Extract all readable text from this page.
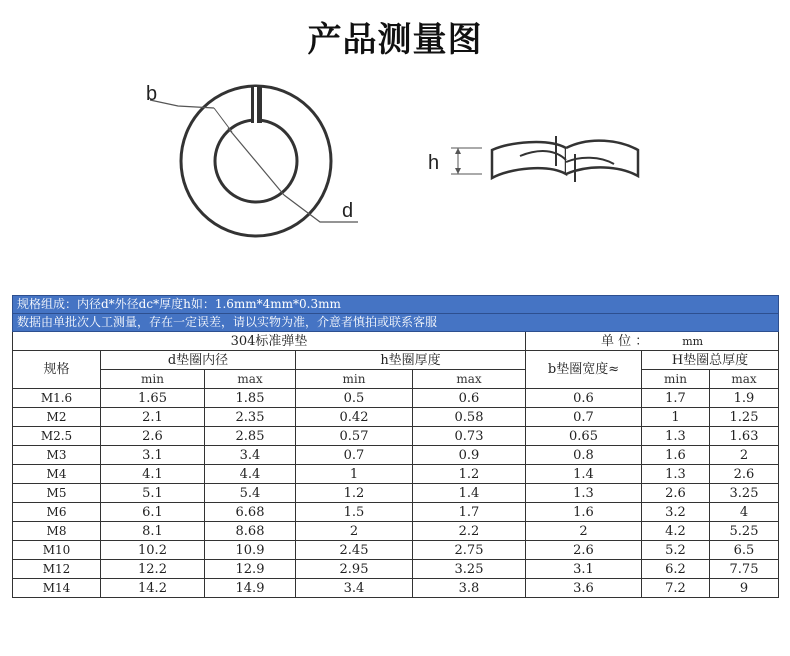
产品测量图
b
d
h
规格组成：内径d*外径dc*厚度h如：1.6mm*4mm*0.3mm							
数据由单批次人工测量，存在一定误差，请以实物为准，介意者慎拍或联系客服							
304标准弹垫					单 位 ： mm		
规格	d垫圈内径		h垫圈厚度		b垫圈宽度≈	H垫圈总厚度	
	min	max	min	max		min	max
M1.6	1.65	1.85	0.5	0.6	0.6	1.7	1.9
M2	2.1	2.35	0.42	0.58	0.7	1	1.25
M2.5	2.6	2.85	0.57	0.73	0.65	1.3	1.63
M3	3.1	3.4	0.7	0.9	0.8	1.6	2
M4	4.1	4.4	1	1.2	1.4	1.3	2.6
M5	5.1	5.4	1.2	1.4	1.3	2.6	3.25
M6	6.1	6.68	1.5	1.7	1.6	3.2	4
M8	8.1	8.68	2	2.2	2	4.2	5.25
M10	10.2	10.9	2.45	2.75	2.6	5.2	6.5
M12	12.2	12.9	2.95	3.25	3.1	6.2	7.75
M14	14.2	14.9	3.4	3.8	3.6	7.2	9
